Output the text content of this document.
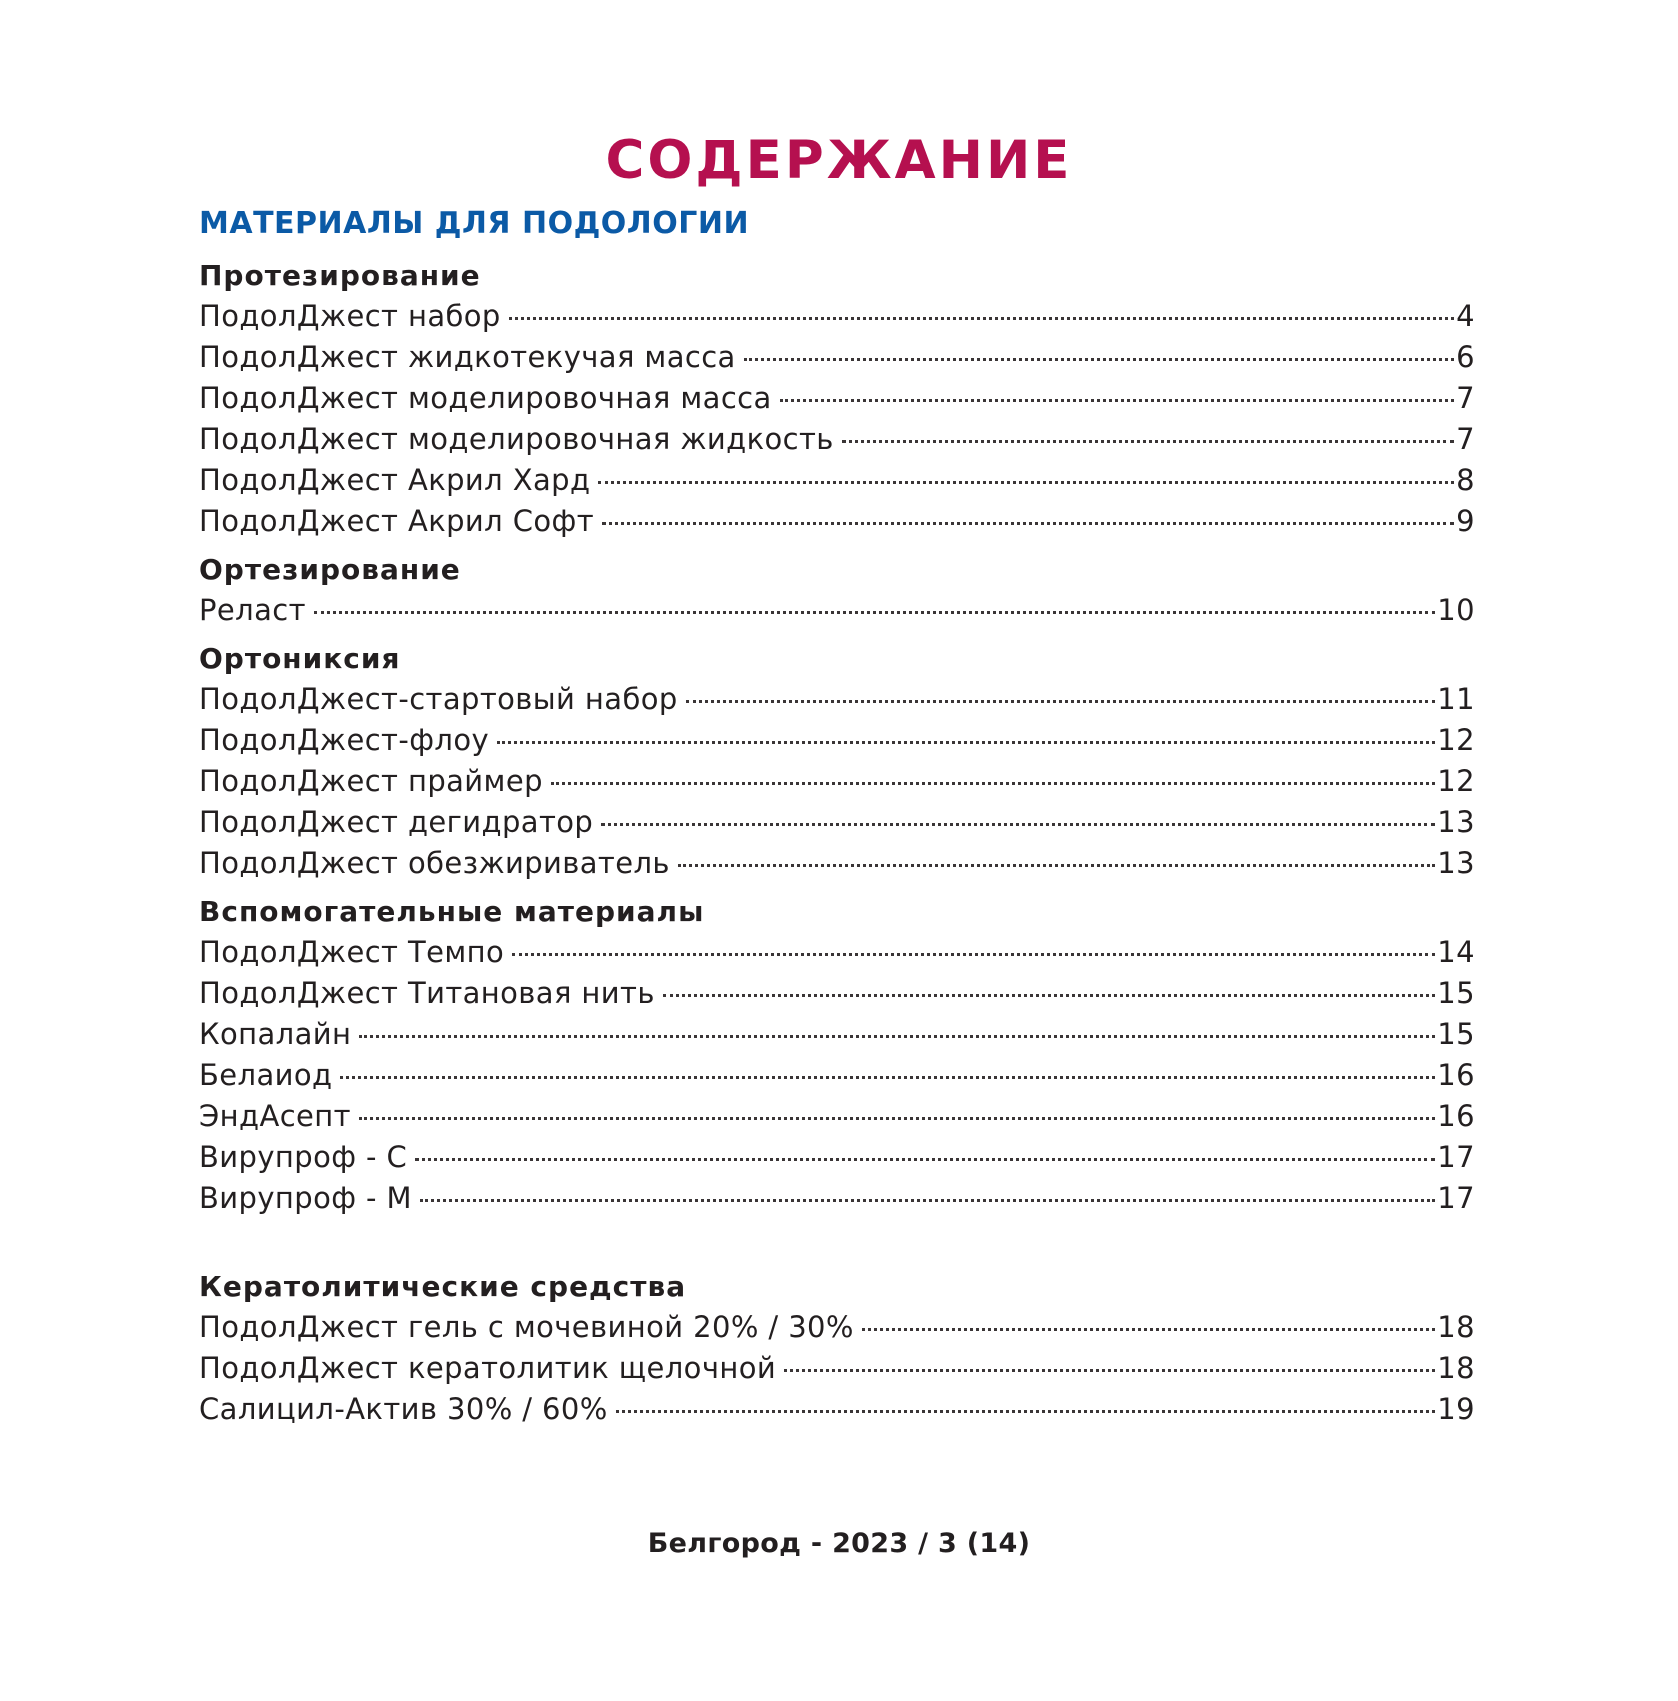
СОДЕРЖАНИЕ
МАТЕРИАЛЫ ДЛЯ ПОДОЛОГИИ
Протезирование
ПодолДжест набор	4
ПодолДжест жидкотекучая масса	6
ПодолДжест моделировочная масса	7
ПодолДжест моделировочная жидкость	7
ПодолДжест Акрил Хард	8
ПодолДжест Акрил Софт	9
Ортезирование
Реласт	10
Ортониксия
ПодолДжест-стартовый набор	11
ПодолДжест-флоу	12
ПодолДжест праймер	12
ПодолДжест дегидратор	13
ПодолДжест обезжириватель	13
Вспомогательные материалы
ПодолДжест Темпо	14
ПодолДжест Титановая нить	15
Копалайн	15
Белаиод	16
ЭндАсепт	16
Вирупроф - С	17
Вирупроф - М	17
Кератолитические средства
ПодолДжест гель с мочевиной 20% / 30%	18
ПодолДжест кератолитик щелочной	18
Салицил-Актив 30% / 60%	19
Белгород - 2023 / 3 (14)
